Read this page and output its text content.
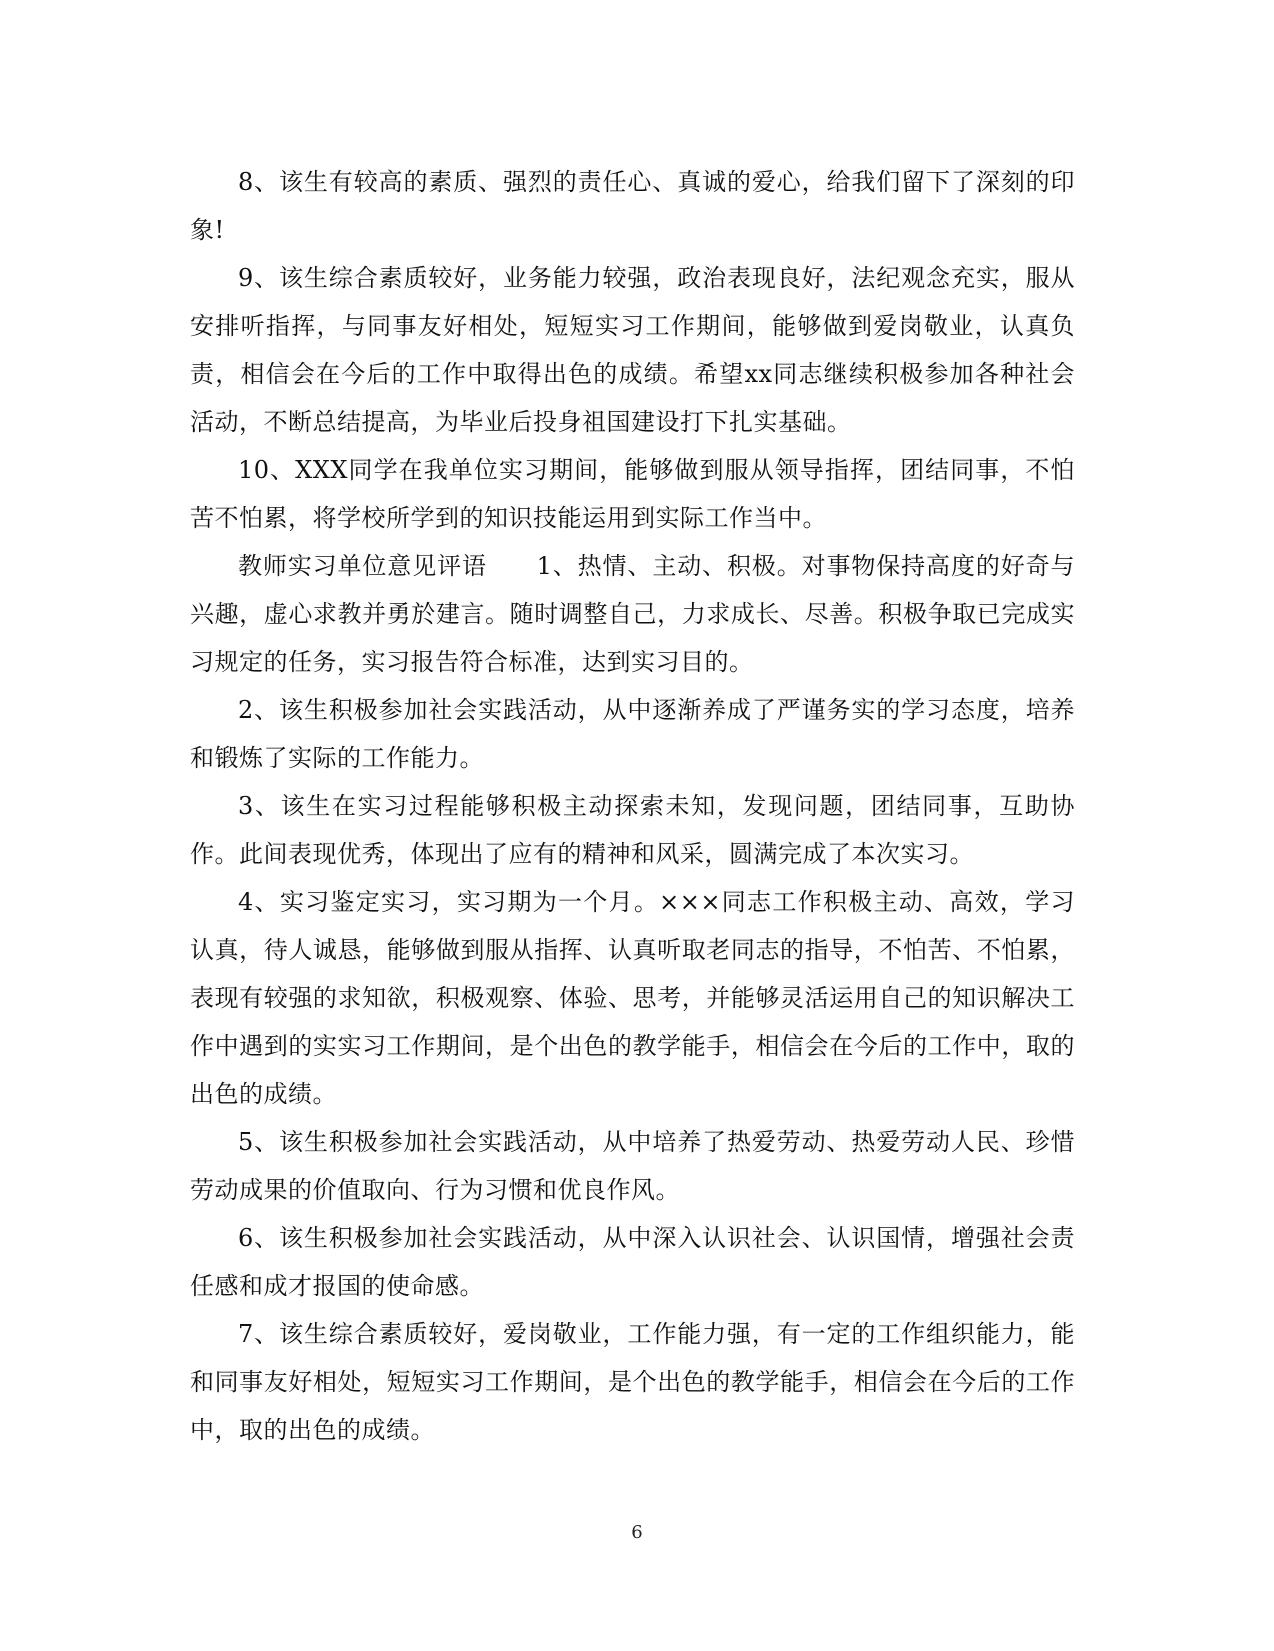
8、该生有较高的素质、强烈的责任心、真诚的爱心，给我们留下了深刻的印象!

9、该生综合素质较好，业务能力较强，政治表现良好，法纪观念充实，服从安排听指挥，与同事友好相处，短短实习工作期间，能够做到爱岗敬业，认真负责，相信会在今后的工作中取得出色的成绩。希望xx同志继续积极参加各种社会活动，不断总结提高，为毕业后投身祖国建设打下扎实基础。

10、XXX同学在我单位实习期间，能够做到服从领导指挥，团结同事，不怕苦不怕累，将学校所学到的知识技能运用到实际工作当中。

教师实习单位意见评语　　1、热情、主动、积极。对事物保持高度的好奇与兴趣，虚心求教并勇於建言。随时调整自己，力求成长、尽善。积极争取已完成实习规定的任务，实习报告符合标准，达到实习目的。

2、该生积极参加社会实践活动，从中逐渐养成了严谨务实的学习态度，培养和锻炼了实际的工作能力。

3、该生在实习过程能够积极主动探索未知，发现问题，团结同事，互助协作。此间表现优秀，体现出了应有的精神和风采，圆满完成了本次实习。

4、实习鉴定实习，实习期为一个月。×××同志工作积极主动、高效，学习认真，待人诚恳，能够做到服从指挥、认真听取老同志的指导，不怕苦、不怕累，表现有较强的求知欲，积极观察、体验、思考，并能够灵活运用自己的知识解决工作中遇到的实实习工作期间，是个出色的教学能手，相信会在今后的工作中，取的出色的成绩。

5、该生积极参加社会实践活动，从中培养了热爱劳动、热爱劳动人民、珍惜劳动成果的价值取向、行为习惯和优良作风。

6、该生积极参加社会实践活动，从中深入认识社会、认识国情，增强社会责任感和成才报国的使命感。

7、该生综合素质较好，爱岗敬业，工作能力强，有一定的工作组织能力，能和同事友好相处，短短实习工作期间，是个出色的教学能手，相信会在今后的工作中，取的出色的成绩。

6
